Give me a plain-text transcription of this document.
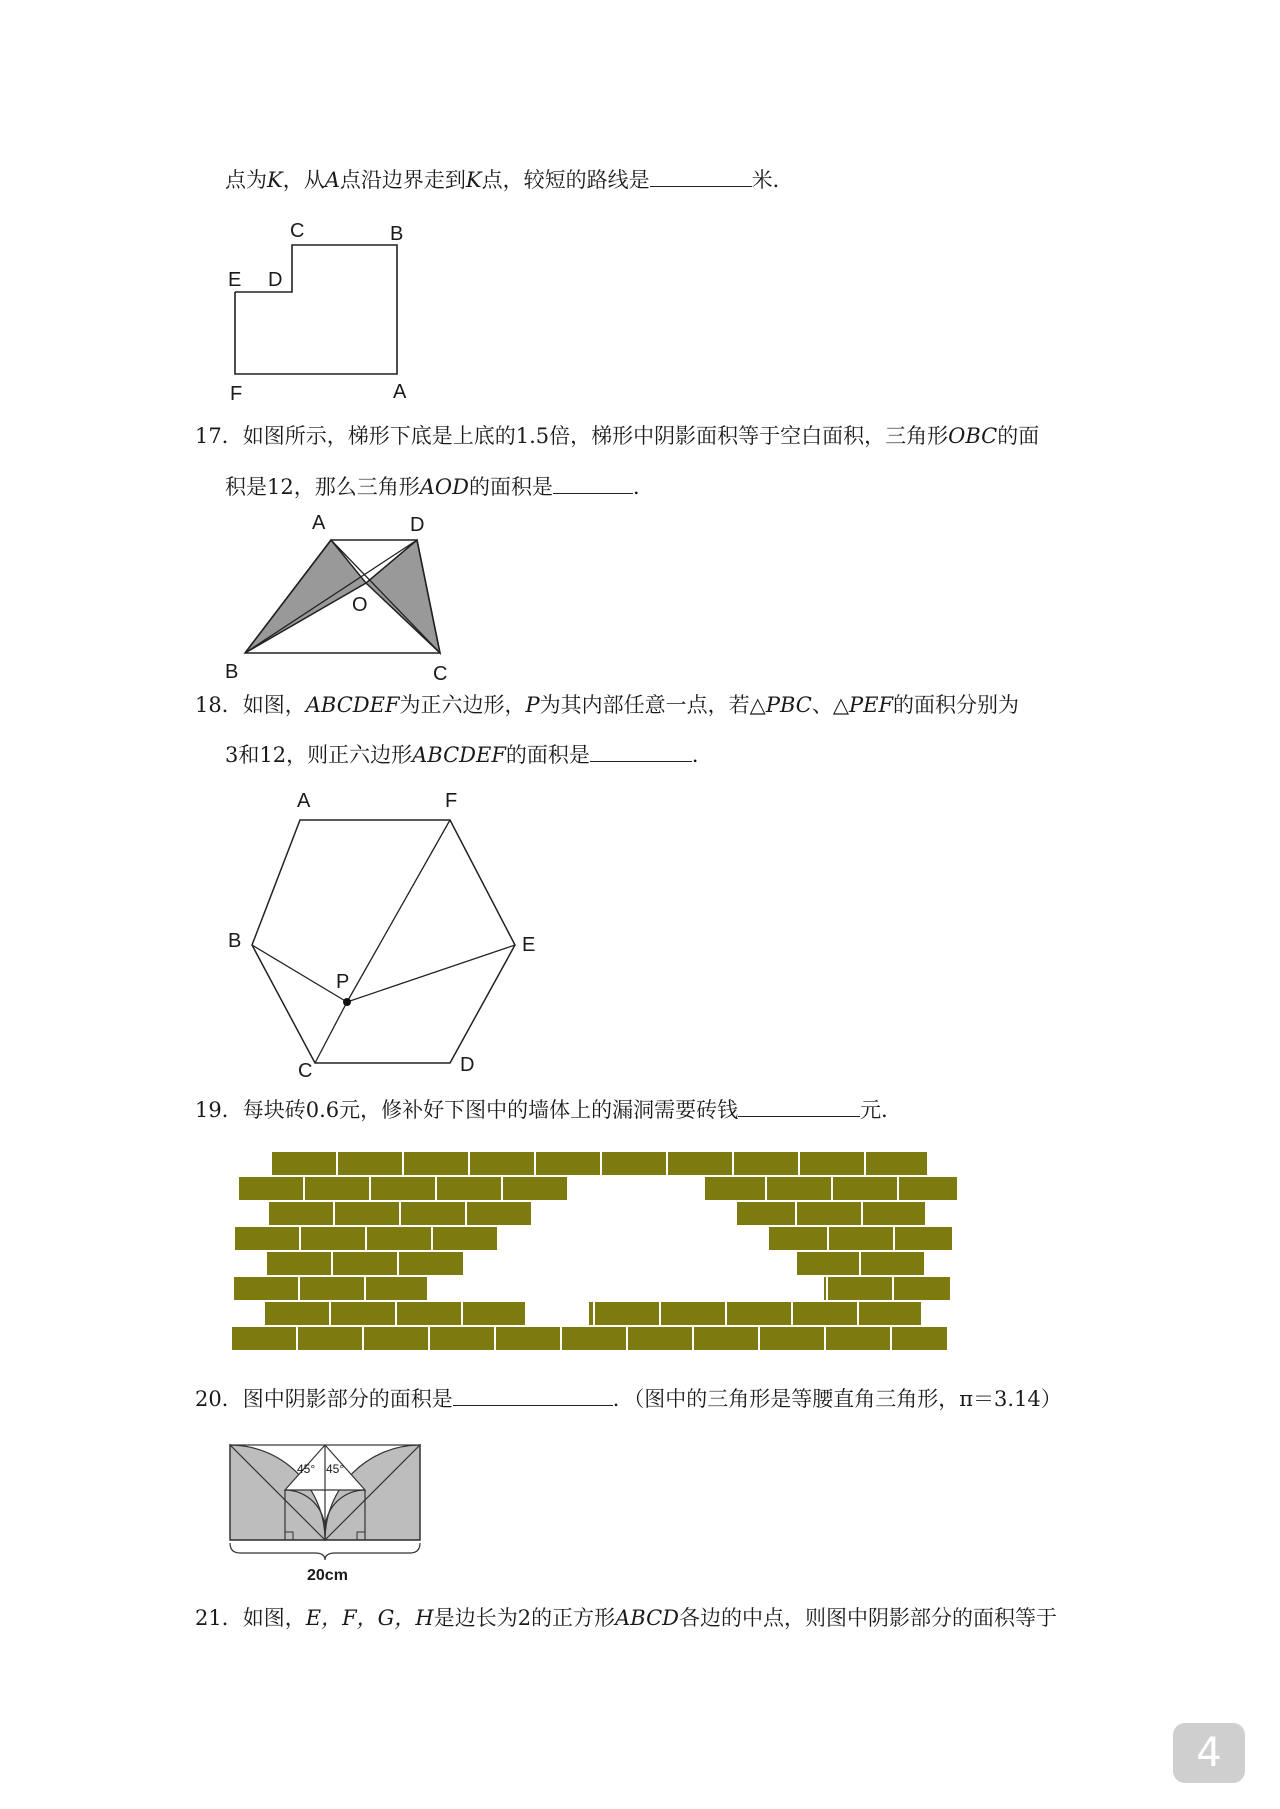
点为K，从A点沿边界走到K点，较短的路线是	米．
C	B
E D
F	A
17．如图所示，梯形下底是上底的1.5倍，梯形中阴影面积等于空白面积，三角形OBC的面
积是12，那么三角形AOD的面积是	．
A	D
O
B	C
18．如图，ABCDEF为正六边形，P为其内部任意一点，若△PBC、△PEF的面积分别为
3和12，则正六边形ABCDEF的面积是	．
A	F
B	E
P
C	D
19．每块砖0.6元，修补好下图中的墙体上的漏洞需要砖钱	元．
20．图中阴影部分的面积是	．（图中的三角形是等腰直角三角形，π＝3.14）
45° 45°
20cm
21．如图，E，F，G，H是边长为2的正方形ABCD各边的中点，则图中阴影部分的面积等于
4
